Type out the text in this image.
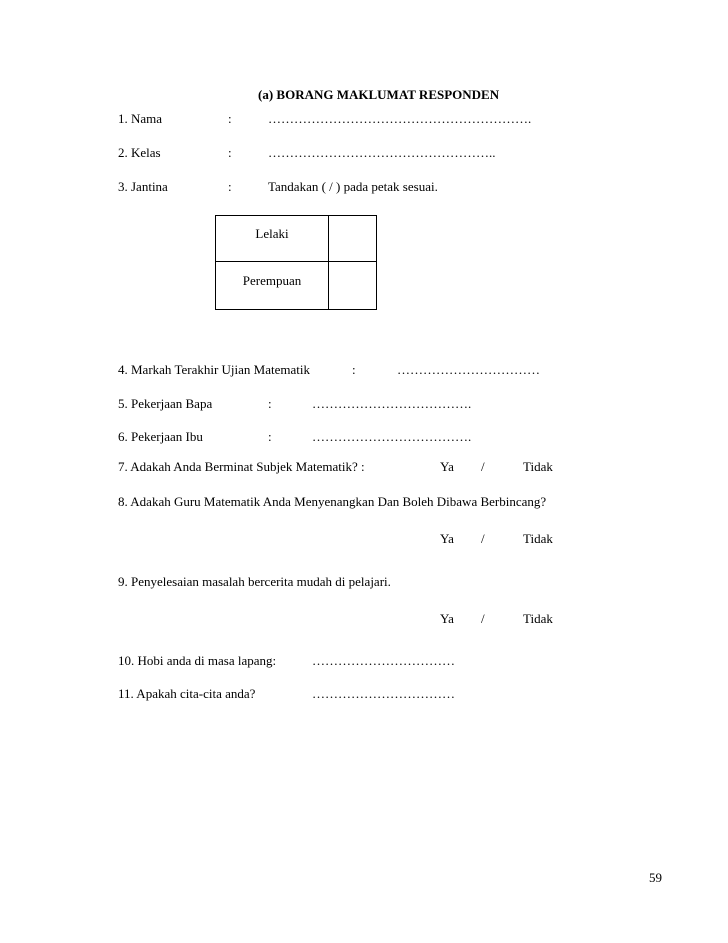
(a) BORANG MAKLUMAT RESPONDEN
1. Nama	:	…………………………………………………….
2. Kelas	:	……………………………………………..
3. Jantina	:	Tandakan ( / ) pada petak sesuai.
Lelaki	
Perempuan	
4. Markah Terakhir Ujian Matematik	:	……………………………
5. Pekerjaan Bapa	:	……………………………….
6. Pekerjaan Ibu	:	……………………………….
7. Adakah Anda Berminat Subjek Matematik? :	Ya /	Tidak
8. Adakah Guru Matematik Anda Menyenangkan Dan Boleh Dibawa Berbincang?
Ya /	Tidak
9. Penyelesaian masalah bercerita mudah di pelajari.
Ya /	Tidak
10. Hobi anda di masa lapang:	……………………………
11. Apakah cita-cita anda?	……………………………
59
